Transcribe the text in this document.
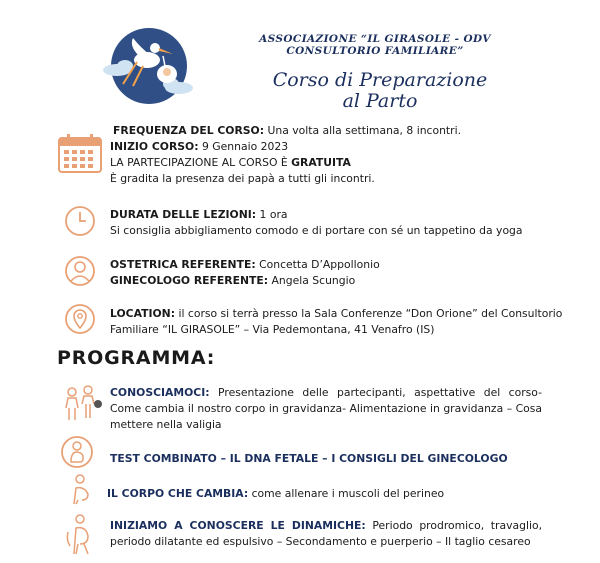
ASSOCIAZIONE “IL GIRASOLE - ODV
CONSULTORIO FAMILIARE”
Corso di Preparazione
al Parto
FREQUENZA DEL CORSO: Una volta alla settimana, 8 incontri.
INIZIO CORSO: 9 Gennaio 2023
LA PARTECIPAZIONE AL CORSO È GRATUITA
È gradita la presenza dei papà a tutti gli incontri.
DURATA DELLE LEZIONI: 1 ora
Si consiglia abbigliamento comodo e di portare con sé un tappetino da yoga
OSTETRICA REFERENTE: Concetta D’Appollonio
GINECOLOGO REFERENTE: Angela Scungio
LOCATION: il corso si terrà presso la Sala Conferenze “Don Orione” del Consultorio
Familiare “IL GIRASOLE” – Via Pedemontana, 41 Venafro (IS)
PROGRAMMA:
CONOSCIAMOCI: Presentazione delle partecipanti, aspettative del corso- Come cambia il nostro corpo in gravidanza- Alimentazione in gravidanza – Cosa mettere nella valigia
TEST COMBINATO – IL DNA FETALE – I CONSIGLI DEL GINECOLOGO
IL CORPO CHE CAMBIA: come allenare i muscoli del perineo
INIZIAMO A CONOSCERE LE DINAMICHE: Periodo prodromico, travaglio, periodo dilatante ed espulsivo – Secondamento e puerperio – Il taglio cesareo
